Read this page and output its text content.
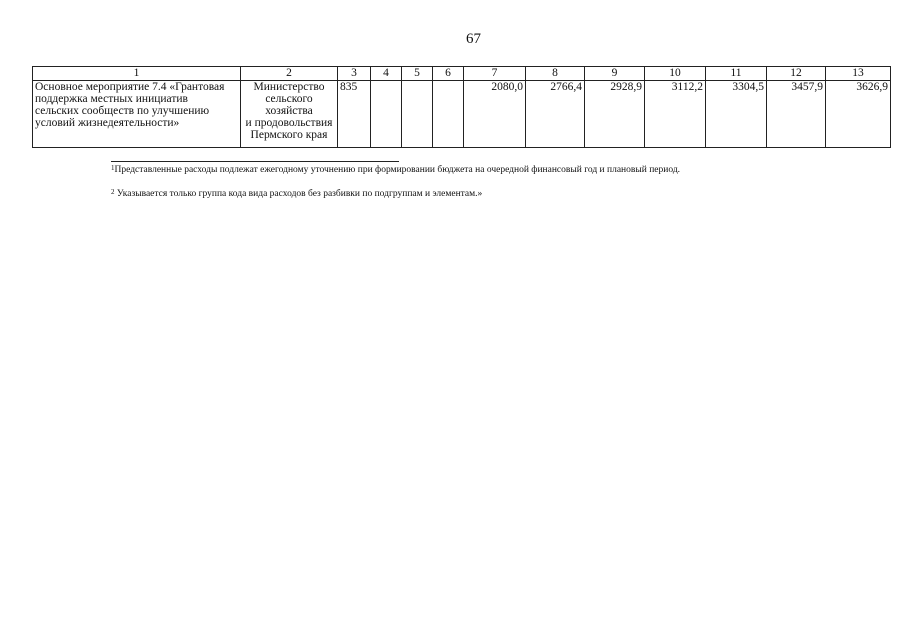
67
1	2	3	4	5	6	7	8	9	10	11	12	13

Основное мероприятие 7.4 «Грантовая
поддержка местных инициатив
сельских сообществ по улучшению
условий жизнедеятельности»	Министерство
сельского
хозяйства
и продовольствия
Пермского края	835				2080,0	2766,4	2928,9	3112,2	3304,5	3457,9	3626,9
$^1$Представленные расходы подлежат ежегодному уточнению при формировании бюджета на очередной финансовый год и плановый период.
$^2$ Указывается только группа кода вида расходов без разбивки по подгруппам и элементам.»
